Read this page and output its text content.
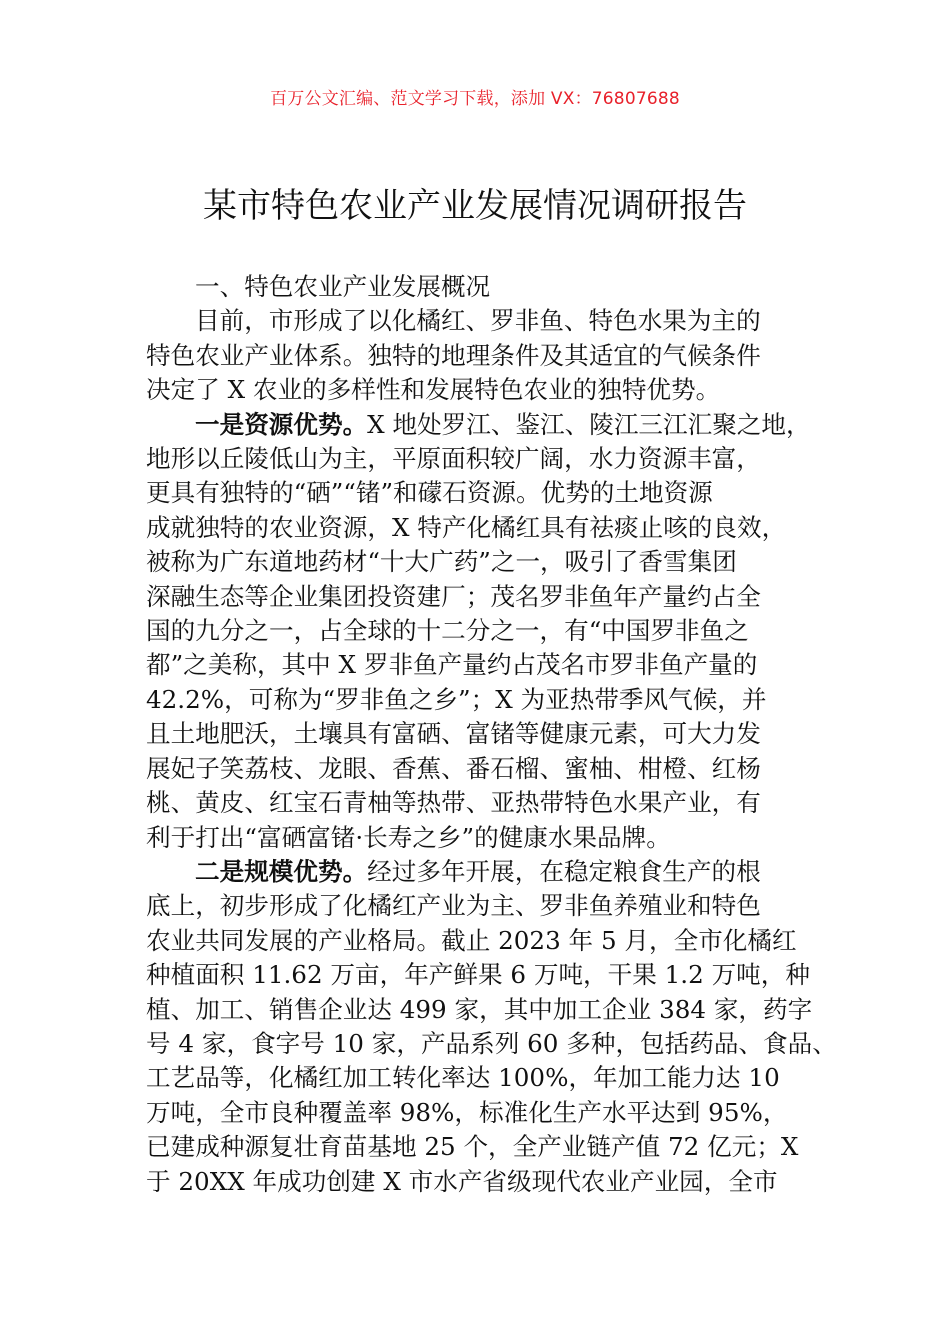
百万公文汇编、范文学习下载，添加 VX：76807688
某市特色农业产业发展情况调研报告

一、特色农业产业发展概况

目前，市形成了以化橘红、罗非鱼、特色水果为主的
特色农业产业体系。独特的地理条件及其适宜的气候条件
决定了 X 农业的多样性和发展特色农业的独特优势。

一是资源优势。X 地处罗江、鉴江、陵江三江汇聚之地，
地形以丘陵低山为主，平原面积较广阔，水力资源丰富，
更具有独特的“硒”“锗”和礞石资源。优势的土地资源
成就独特的农业资源，X 特产化橘红具有祛痰止咳的良效，
被称为广东道地药材“十大广药”之一，吸引了香雪集团
深融生态等企业集团投资建厂；茂名罗非鱼年产量约占全
国的九分之一，占全球的十二分之一，有“中国罗非鱼之
都”之美称，其中 X 罗非鱼产量约占茂名市罗非鱼产量的
42.2%，可称为“罗非鱼之乡”；X 为亚热带季风气候，并
且土地肥沃，土壤具有富硒、富锗等健康元素，可大力发
展妃子笑荔枝、龙眼、香蕉、番石榴、蜜柚、柑橙、红杨
桃、黄皮、红宝石青柚等热带、亚热带特色水果产业，有
利于打出“富硒富锗·长寿之乡”的健康水果品牌。

二是规模优势。经过多年开展，在稳定粮食生产的根
底上，初步形成了化橘红产业为主、罗非鱼养殖业和特色
农业共同发展的产业格局。截止 2023 年 5 月，全市化橘红
种植面积 11.62 万亩，年产鲜果 6 万吨，干果 1.2 万吨，种
植、加工、销售企业达 499 家，其中加工企业 384 家，药字
号 4 家，食字号 10 家，产品系列 60 多种，包括药品、食品、
工艺品等，化橘红加工转化率达 100%，年加工能力达 10
万吨，全市良种覆盖率 98%，标准化生产水平达到 95%，
已建成种源复壮育苗基地 25 个，全产业链产值 72 亿元；X
于 20XX 年成功创建 X 市水产省级现代农业产业园，全市
